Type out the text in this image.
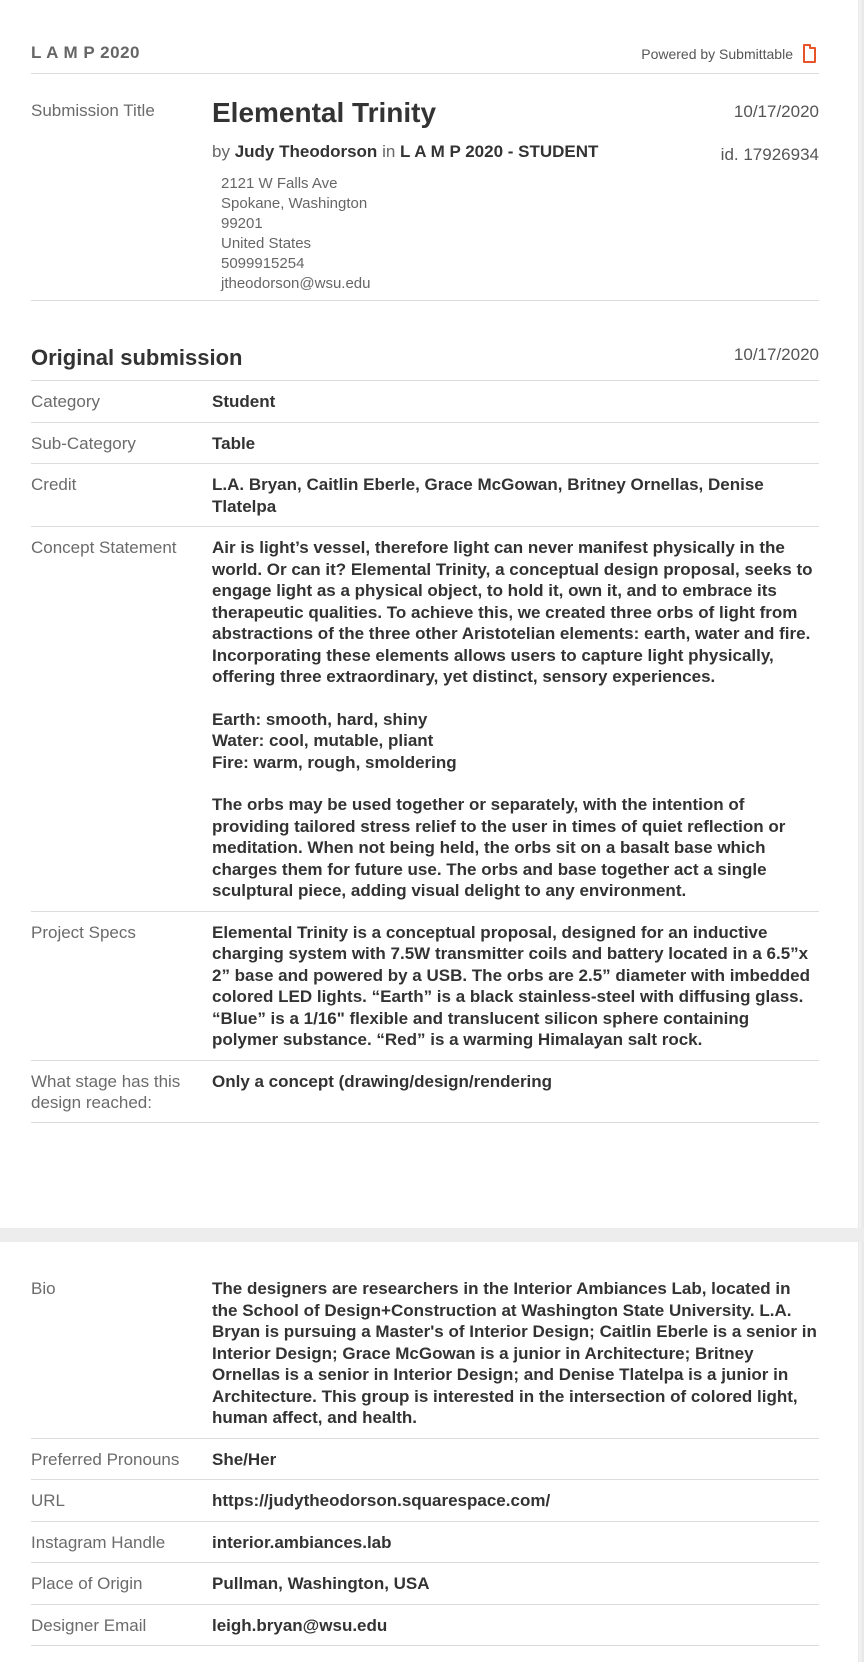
L A M P 2020	Powered by Submittable
Submission Title Elemental Trinity	10/17/2020
by Judy Theodorson in L A M P 2020 - STUDENT	id. 17926934
2121 W Falls Ave
Spokane, Washington
99201
United States
5099915254
jtheodorson@wsu.edu
Original submission	10/17/2020
Category	Student
Sub-Category	Table
Credit	L.A. Bryan, Caitlin Eberle, Grace McGowan, Britney Ornellas, Denise Tlatelpa
Concept Statement	Air is light’s vessel, therefore light can never manifest physically in the world. Or can it? Elemental Trinity, a conceptual design proposal, seeks to engage light as a physical object, to hold it, own it, and to embrace its therapeutic qualities. To achieve this, we created three orbs of light from abstractions of the three other Aristotelian elements: earth, water and fire. Incorporating these elements allows users to capture light physically, offering three extraordinary, yet distinct, sensory experiences.
Earth: smooth, hard, shiny
Water: cool, mutable, pliant
Fire: warm, rough, smoldering
The orbs may be used together or separately, with the intention of providing tailored stress relief to the user in times of quiet reflection or meditation. When not being held, the orbs sit on a basalt base which charges them for future use. The orbs and base together act a single sculptural piece, adding visual delight to any environment.
Project Specs	Elemental Trinity is a conceptual proposal, designed for an inductive charging system with 7.5W transmitter coils and battery located in a 6.5”x 2” base and powered by a USB. The orbs are 2.5” diameter with imbedded colored LED lights. “Earth” is a black stainless-steel with diffusing glass. “Blue” is a 1/16" flexible and translucent silicon sphere containing polymer substance. “Red” is a warming Himalayan salt rock.
What stage has this design reached:
Only a concept (drawing/design/rendering
Bio	The designers are researchers in the Interior Ambiances Lab, located in the School of Design+Construction at Washington State University. L.A. Bryan is pursuing a Master's of Interior Design; Caitlin Eberle is a senior in Interior Design; Grace McGowan is a junior in Architecture; Britney Ornellas is a senior in Interior Design; and Denise Tlatelpa is a junior in Architecture. This group is interested in the intersection of colored light, human affect, and health.
Preferred Pronouns	She/Her
URL	https://judytheodorson.squarespace.com/
Instagram Handle	interior.ambiances.lab
Place of Origin	Pullman, Washington, USA
Designer Email	leigh.bryan@wsu.edu
